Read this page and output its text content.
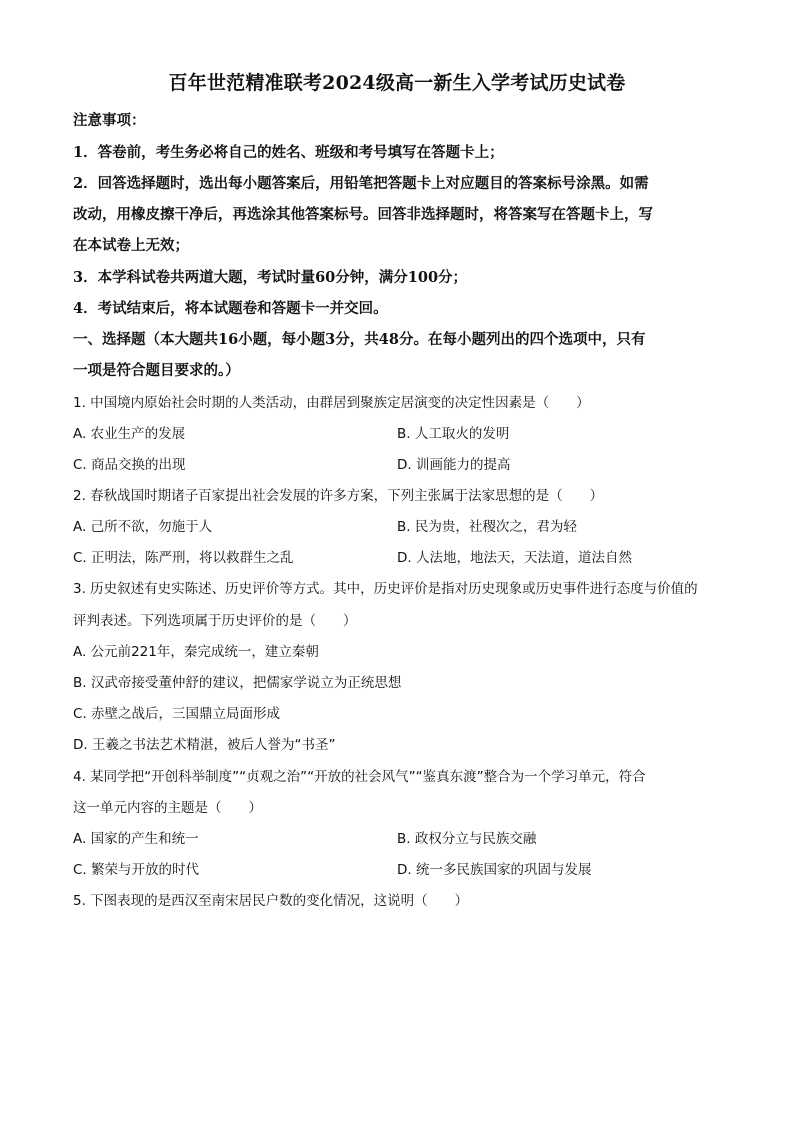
百年世范精准联考2024级高一新生入学考试历史试卷
注意事项：
1．答卷前，考生务必将自己的姓名、班级和考号填写在答题卡上；
2．回答选择题时，选出每小题答案后，用铅笔把答题卡上对应题目的答案标号涂黑。如需
改动，用橡皮擦干净后，再选涂其他答案标号。回答非选择题时，将答案写在答题卡上，写
在本试卷上无效；
3．本学科试卷共两道大题，考试时量60分钟，满分100分；
4．考试结束后，将本试题卷和答题卡一并交回。
一、选择题（本大题共16小题，每小题3分，共48分。在每小题列出的四个选项中，只有
一项是符合题目要求的。）
1. 中国境内原始社会时期的人类活动，由群居到聚族定居演变的决定性因素是（　　）
A. 农业生产的发展	B. 人工取火的发明
C. 商品交换的出现	D. 训画能力的提高
2. 春秋战国时期诸子百家提出社会发展的许多方案，下列主张属于法家思想的是（　　）
A. 己所不欲，勿施于人	B. 民为贵，社稷次之，君为轻
C. 正明法，陈严刑，将以救群生之乱	D. 人法地，地法天，天法道，道法自然
3. 历史叙述有史实陈述、历史评价等方式。其中，历史评价是指对历史现象或历史事件进行态度与价值的
评判表述。下列选项属于历史评价的是（　　）
A. 公元前221年，秦完成统一，建立秦朝
B. 汉武帝接受董仲舒的建议，把儒家学说立为正统思想
C. 赤壁之战后，三国鼎立局面形成
D. 王羲之书法艺术精湛，被后人誉为“书圣”
4. 某同学把“开创科举制度”“贞观之治”“开放的社会风气”“鉴真东渡”整合为一个学习单元，符合
这一单元内容的主题是（　　）
A. 国家的产生和统一	B. 政权分立与民族交融
C. 繁荣与开放的时代	D. 统一多民族国家的巩固与发展
5. 下图表现的是西汉至南宋居民户数的变化情况，这说明（　　）
